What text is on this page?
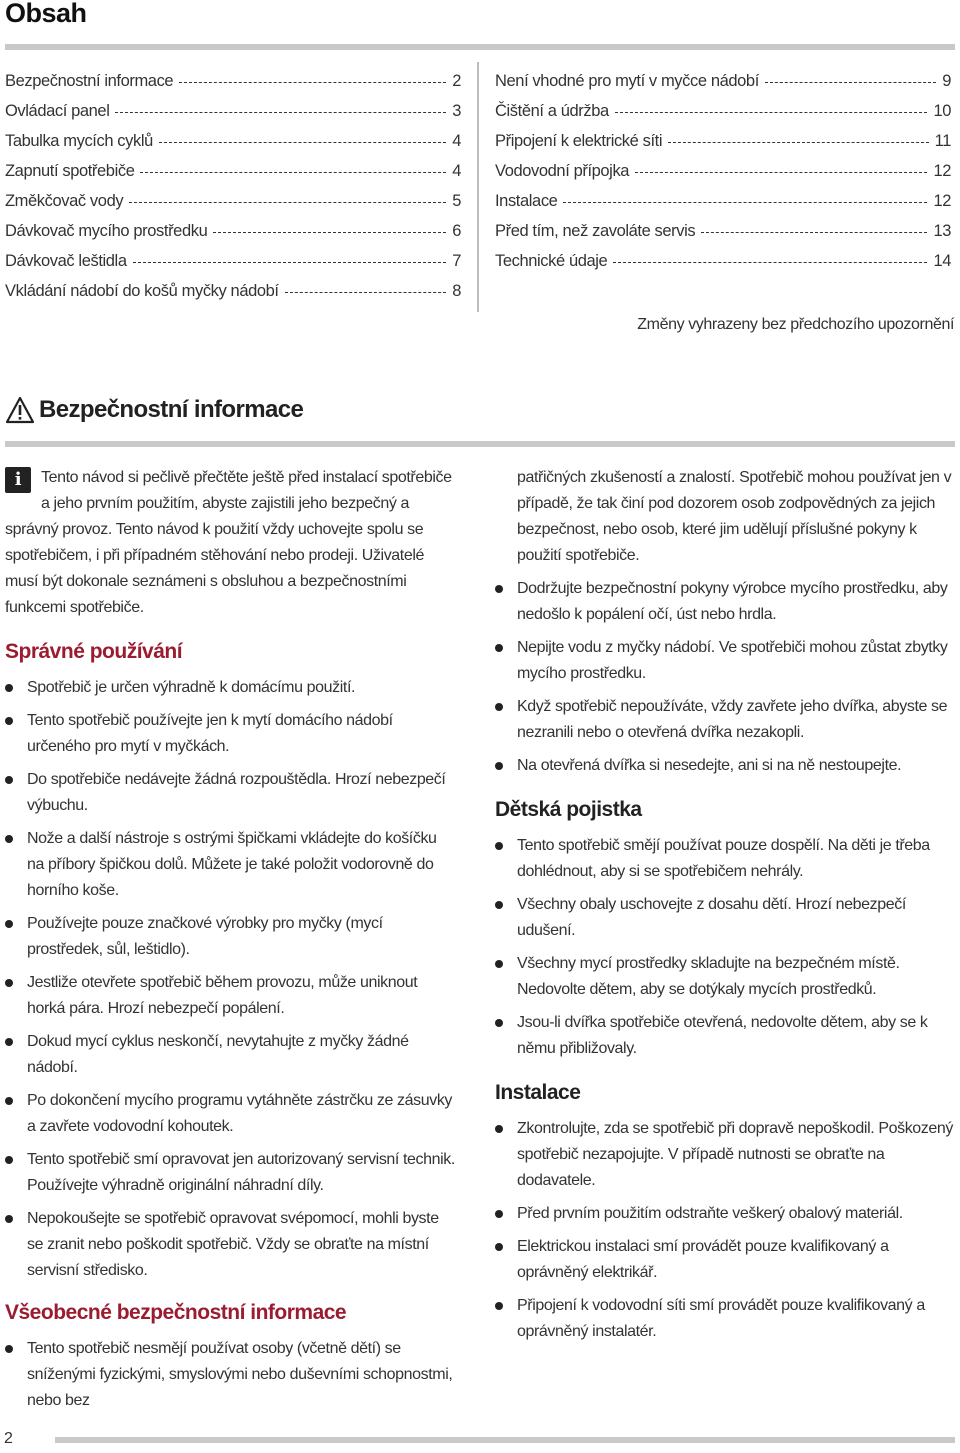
Obsah
Bezpečnostní informace	2
Ovládací panel	3
Tabulka mycích cyklů	4
Zapnutí spotřebiče	4
Změkčovač vody	5
Dávkovač mycího prostředku	6
Dávkovač leštidla	7
Vkládání nádobí do košů myčky nádobí	8
Není vhodné pro mytí v myčce nádobí	9
Čištění a údržba	10
Připojení k elektrické síti	11
Vodovodní přípojka	12
Instalace	12
Před tím, než zavoláte servis	13
Technické údaje	14
Změny vyhrazeny bez předchozího upozornění
Bezpečnostní informace
i	Tento návod si pečlivě přečtěte ještě před instalací spotřebiče a jeho prvním použitím, abyste zajistili jeho bezpečný a správný provoz. Tento návod k použití vždy uchovejte spolu se spotřebičem, i při případném stěhování nebo prodeji. Uživatelé musí být dokonale seznámeni s obsluhou a bezpečnostními funkcemi spotřebiče.

Správné používání
Spotřebič je určen výhradně k domácímu použití.
Tento spotřebič používejte jen k mytí domácího nádobí určeného pro mytí v myčkách.
Do spotřebiče nedávejte žádná rozpouštědla. Hrozí nebezpečí výbuchu.
Nože a další nástroje s ostrými špičkami vkládejte do košíčku na příbory špičkou dolů. Můžete je také položit vodorovně do horního koše.
Používejte pouze značkové výrobky pro myčky (mycí prostředek, sůl, leštidlo).
Jestliže otevřete spotřebič během provozu, může uniknout horká pára. Hrozí nebezpečí popálení.
Dokud mycí cyklus neskončí, nevytahujte z myčky žádné nádobí.
Po dokončení mycího programu vytáhněte zástrčku ze zásuvky a zavřete vodovodní kohoutek.
Tento spotřebič smí opravovat jen autorizovaný servisní technik. Používejte výhradně originální náhradní díly.
Nepokoušejte se spotřebič opravovat svépomocí, mohli byste se zranit nebo poškodit spotřebič. Vždy se obraťte na místní servisní středisko.
Všeobecné bezpečnostní informace
Tento spotřebič nesmějí používat osoby (včetně dětí) se sníženými fyzickými, smyslovými nebo duševními schopnostmi, nebo bez

patřičných zkušeností a znalostí. Spotřebič mohou používat jen v případě, že tak činí pod dozorem osob zodpovědných za jejich bezpečnost, nebo osob, které jim udělují příslušné pokyny k použití spotřebiče.

Dodržujte bezpečnostní pokyny výrobce mycího prostředku, aby nedošlo k popálení očí, úst nebo hrdla.
Nepijte vodu z myčky nádobí. Ve spotřebiči mohou zůstat zbytky mycího prostředku.
Když spotřebič nepoužíváte, vždy zavřete jeho dvířka, abyste se nezranili nebo o otevřená dvířka nezakopli.
Na otevřená dvířka si nesedejte, ani si na ně nestoupejte.
Dětská pojistka
Tento spotřebič smějí používat pouze dospělí. Na děti je třeba dohlédnout, aby si se spotřebičem nehrály.
Všechny obaly uschovejte z dosahu dětí. Hrozí nebezpečí udušení.
Všechny mycí prostředky skladujte na bezpečném místě. Nedovolte dětem, aby se dotýkaly mycích prostředků.
Jsou-li dvířka spotřebiče otevřená, nedovolte dětem, aby se k němu přibližovaly.
Instalace
Zkontrolujte, zda se spotřebič při dopravě nepoškodil. Poškozený spotřebič nezapojujte. V případě nutnosti se obraťte na dodavatele.
Před prvním použitím odstraňte veškerý obalový materiál.
Elektrickou instalaci smí provádět pouze kvalifikovaný a oprávněný elektrikář.
Připojení k vodovodní síti smí provádět pouze kvalifikovaný a oprávněný instalatér.
2
